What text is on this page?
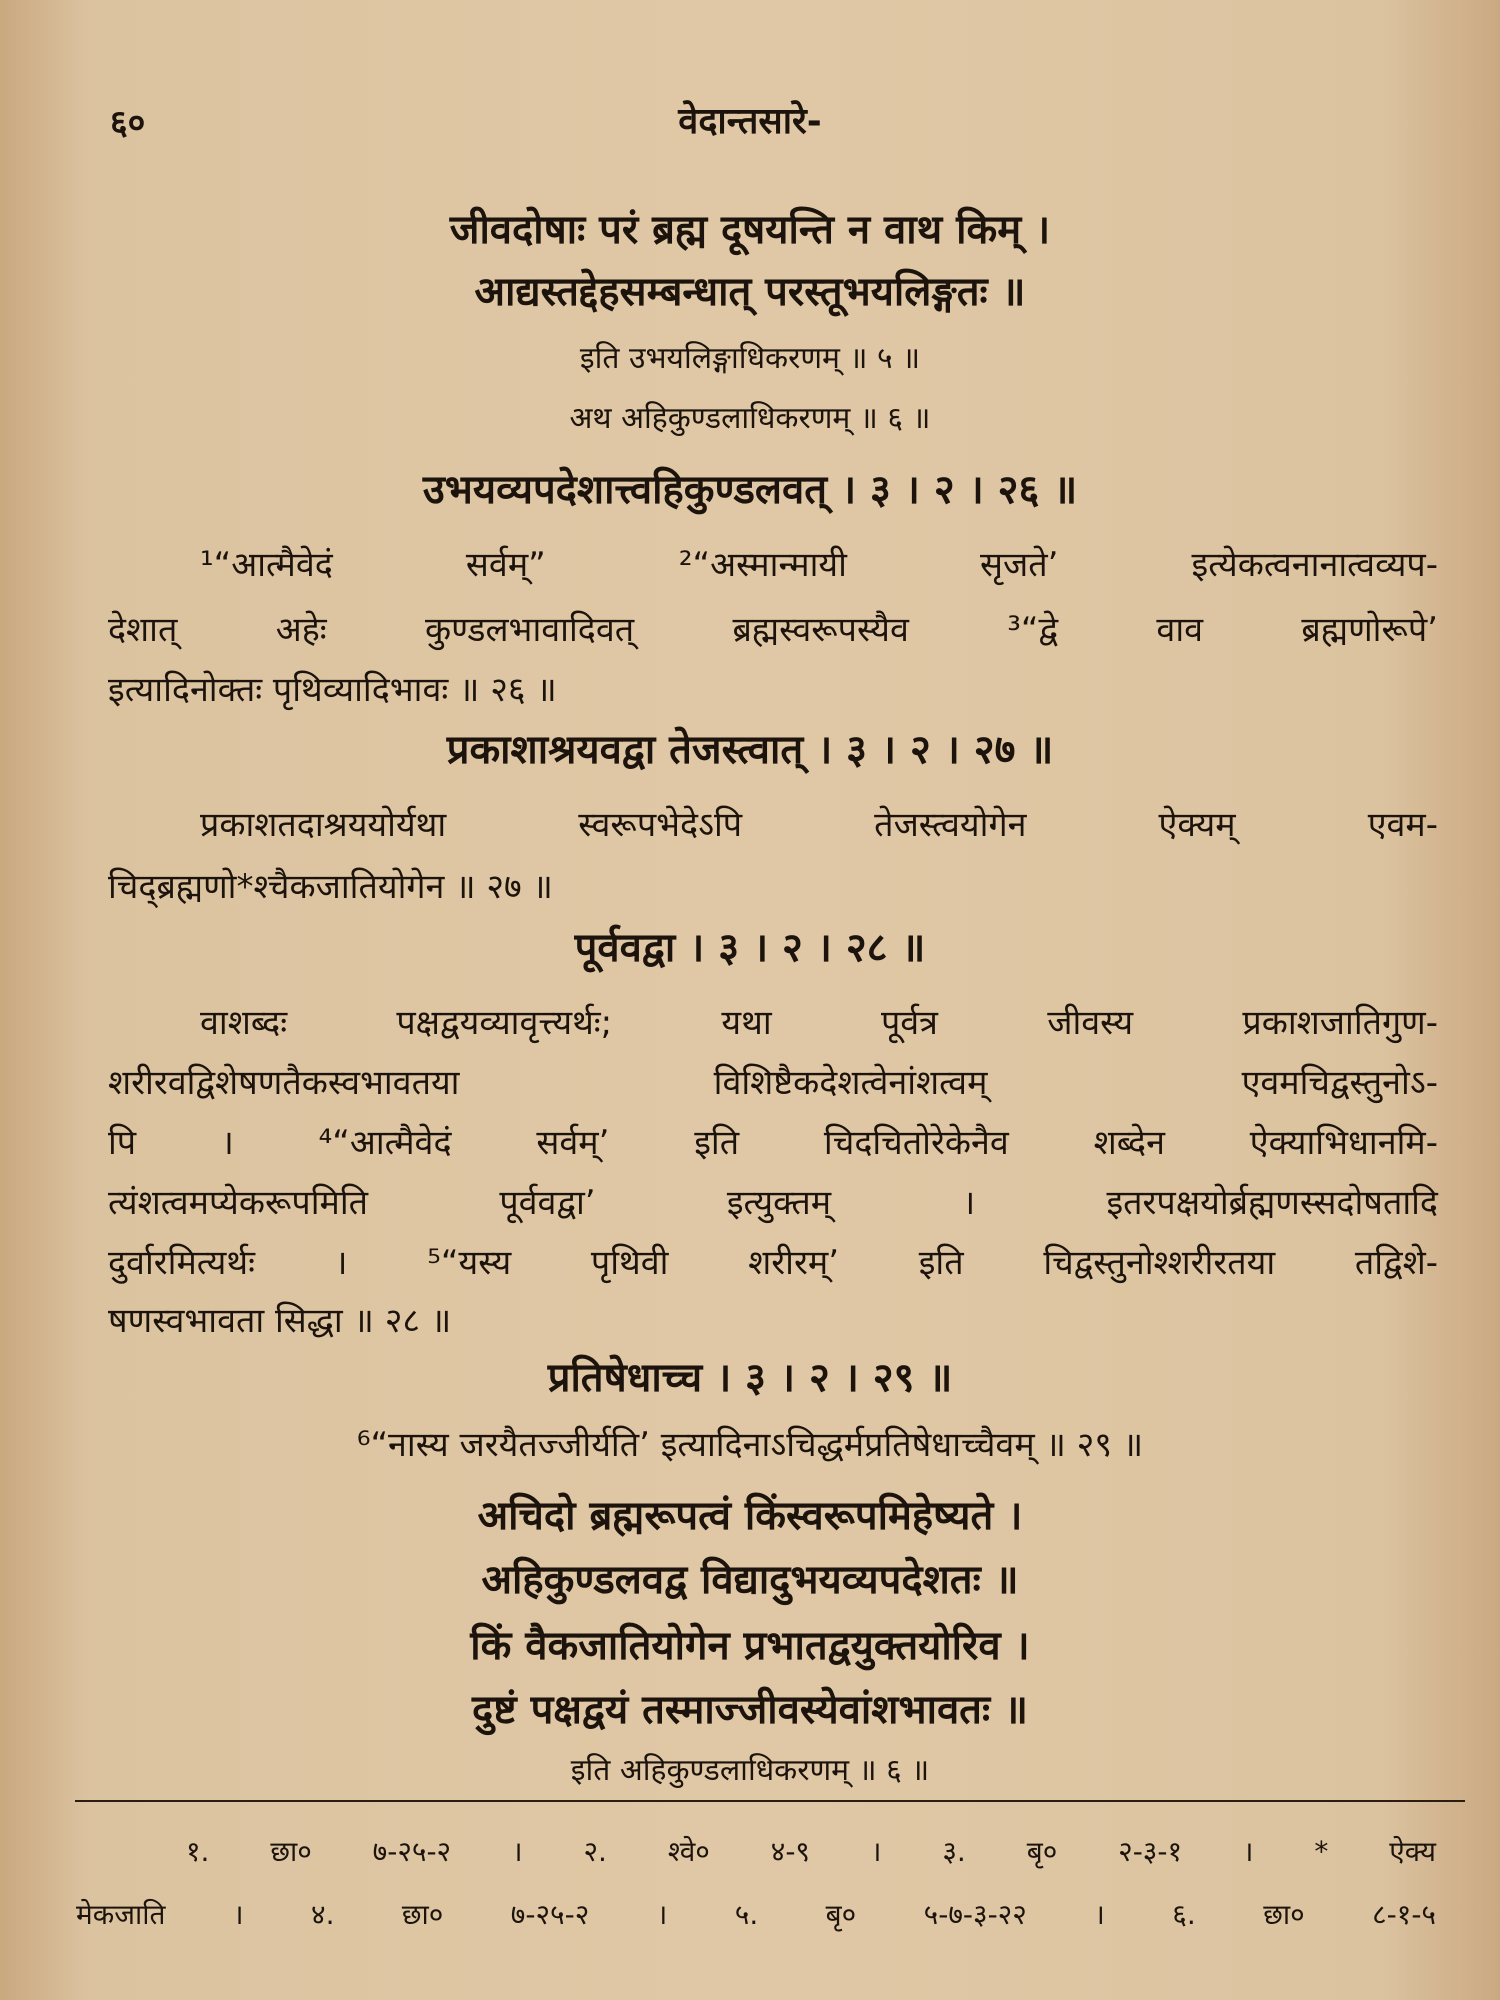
६०	वेदान्तसारे-
जीवदोषाः परं ब्रह्म दूषयन्ति न वाथ किम् ।
आद्यस्तद्देहसम्बन्धात् परस्तूभयलिङ्गतः ॥
इति उभयलिङ्गाधिकरणम् ॥ ५ ॥
अथ अहिकुण्डलाधिकरणम् ॥ ६ ॥
उभयव्यपदेशात्त्वहिकुण्डलवत् । ३ । २ । २६ ॥
¹“आत्मैवेदं सर्वम्” ²“अस्मान्मायी सृजते’ इत्येकत्वनानात्वव्यप-
देशात् अहेः कुण्डलभावादिवत् ब्रह्मस्वरूपस्यैव ³“द्वे वाव ब्रह्मणोरूपे’
इत्यादिनोक्तः पृथिव्यादिभावः ॥ २६ ॥
प्रकाशाश्रयवद्वा तेजस्त्वात् । ३ । २ । २७ ॥
प्रकाशतदाश्रययोर्यथा स्वरूपभेदेऽपि तेजस्त्वयोगेन ऐक्यम् एवम-
चिद्ब्रह्मणो*श्चैकजातियोगेन ॥ २७ ॥
पूर्ववद्वा । ३ । २ । २८ ॥
वाशब्दः पक्षद्वयव्यावृत्त्यर्थः; यथा पूर्वत्र जीवस्य प्रकाशजातिगुण-
शरीरवद्विशेषणतैकस्वभावतया विशिष्टैकदेशत्वेनांशत्वम् एवमचिद्वस्तुनोऽ-
पि । ⁴“आत्मैवेदं सर्वम्’ इति चिदचितोरेकेनैव शब्देन ऐक्याभिधानमि-
त्यंशत्वमप्येकरूपमिति पूर्ववद्वा’ इत्युक्तम् । इतरपक्षयोर्ब्रह्मणस्सदोषतादि
दुर्वारमित्यर्थः । ⁵“यस्य पृथिवी शरीरम्’ इति चिद्वस्तुनोश्शरीरतया तद्विशे-
षणस्वभावता सिद्धा ॥ २८ ॥
प्रतिषेधाच्च । ३ । २ । २९ ॥
⁶“नास्य जरयैतज्जीर्यति’ इत्यादिनाऽचिद्धर्मप्रतिषेधाच्चैवम् ॥ २९ ॥
अचिदो ब्रह्मरूपत्वं किंस्वरूपमिहेष्यते ।
अहिकुण्डलवद्व विद्यादुभयव्यपदेशतः ॥
किं वैकजातियोगेन प्रभातद्वयुक्तयोरिव ।
दुष्टं पक्षद्वयं तस्माज्जीवस्येवांशभावतः ॥
इति अहिकुण्डलाधिकरणम् ॥ ६ ॥
१. छा० ७-२५-२ । २. श्वे० ४-९ । ३. बृ० २-३-१ । * ऐक्य
मेकजाति । ४. छा० ७-२५-२ । ५. बृ० ५-७-३-२२ । ६. छा० ८-१-५
